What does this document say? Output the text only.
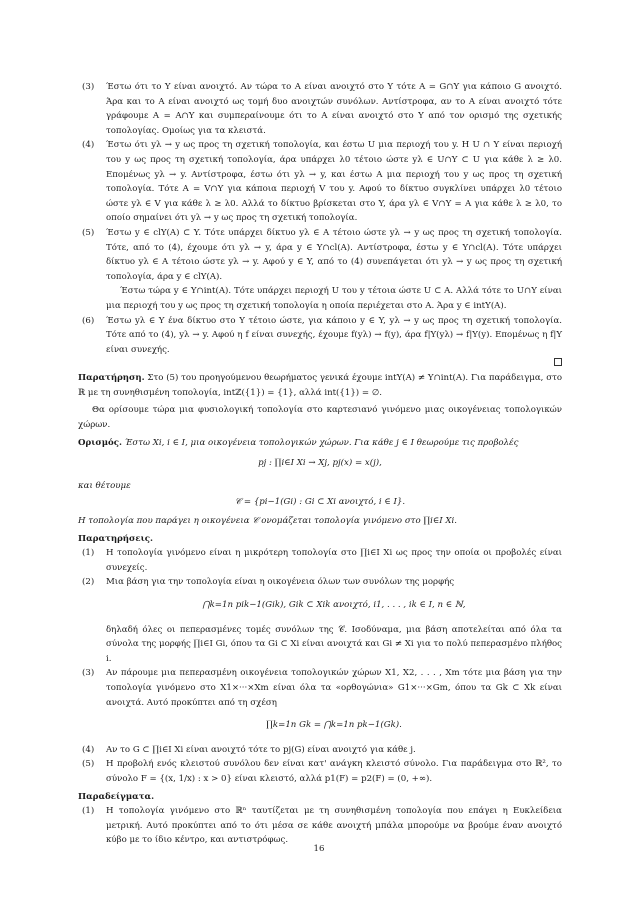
(3)	Έστω ότι το Y είναι ανοιχτό. Αν τώρα το A είναι ανοιχτό στο Y τότε A = G∩Y για κάποιο G ανοιχτό. Άρα και το A είναι ανοιχτό ως τομή δυο ανοιχτών συνόλων. Αντίστροφα, αν το A είναι ανοιχτό τότε γράφουμε A = A∩Y και συμπεραίνουμε ότι το A είναι ανοιχτό στο Y από τον ορισμό της σχετικής τοπολογίας. Ομοίως για τα κλειστά.
(4)	Έστω ότι yλ → y ως προς τη σχετική τοπολογία, και έστω U μια περιοχή του y. Η U ∩ Y είναι περιοχή του y ως προς τη σχετική τοπολογία, άρα υπάρχει λ0 τέτοιο ώστε yλ ∈ U∩Y ⊂ U για κάθε λ ≥ λ0. Επομένως yλ → y. Αντίστροφα, έστω ότι yλ → y, και έστω A μια περιοχή του y ως προς τη σχετική τοπολογία. Τότε A = V∩Y για κάποια περιοχή V του y. Αφού το δίκτυο συγκλίνει υπάρχει λ0 τέτοιο ώστε yλ ∈ V για κάθε λ ≥ λ0. Αλλά το δίκτυο βρίσκεται στο Y, άρα yλ ∈ V∩Y = A για κάθε λ ≥ λ0, το οποίο σημαίνει ότι yλ → y ως προς τη σχετική τοπολογία.
(5)	Έστω y ∈ clY(A) ⊂ Y. Τότε υπάρχει δίκτυο yλ ∈ A τέτοιο ώστε yλ → y ως προς τη σχετική τοπολογία. Τότε, από το (4), έχουμε ότι yλ → y, άρα y ∈ Y∩cl(A). Αντίστροφα, έστω y ∈ Y∩cl(A). Τότε υπάρχει δίκτυο yλ ∈ A τέτοιο ώστε yλ → y. Αφού y ∈ Y, από το (4) συνεπάγεται ότι yλ → y ως προς τη σχετική τοπολογία, άρα y ∈ clY(A).
Έστω τώρα y ∈ Y∩int(A). Τότε υπάρχει περιοχή U του y τέτοια ώστε U ⊂ A. Αλλά τότε το U∩Y είναι μια περιοχή του y ως προς τη σχετική τοπολογία η οποία περιέχεται στο A. Άρα y ∈ intY(A).
(6)	Έστω yλ ∈ Y ένα δίκτυο στο Y τέτοιο ώστε, για κάποιο y ∈ Y, yλ → y ως προς τη σχετική τοπολογία. Τότε από το (4), yλ → y. Αφού η f είναι συνεχής, έχουμε f(yλ) → f(y), άρα f|Y(yλ) → f|Y(y). Επομένως η f|Y είναι συνεχής.
Παρατήρηση. Στο (5) του προηγούμενου θεωρήματος γενικά έχουμε intY(A) ≠ Y∩int(A). Για παράδειγμα, στο ℝ με τη συνηθισμένη τοπολογία, intℤ({1}) = {1}, αλλά int({1}) = ∅.
Θα ορίσουμε τώρα μια φυσιολογική τοπολογία στο καρτεσιανό γινόμενο μιας οικογένειας τοπολογικών χώρων.
Ορισμός. Έστω Xi, i ∈ I, μια οικογένεια τοπολογικών χώρων. Για κάθε j ∈ I θεωρούμε τις προβολές
pj : ∏i∈I Xi → Xj, pj(x) = x(j),
και θέτουμε
𝒞 = {pi−1(Gi) : Gi ⊂ Xi ανοιχτό, i ∈ I}.
Η τοπολογία που παράγει η οικογένεια 𝒞 ονομάζεται τοπολογία γινόμενο στο ∏i∈I Xi.
Παρατηρήσεις.
(1)	Η τοπολογία γινόμενο είναι η μικρότερη τοπολογία στο ∏i∈I Xi ως προς την οποία οι προβολές είναι συνεχείς.
(2)	Μια βάση για την τοπολογία είναι η οικογένεια όλων των συνόλων της μορφής
⋂k=1n pik−1(Gik), Gik ⊂ Xik ανοιχτό, i1, . . . , ik ∈ I, n ∈ ℕ,
δηλαδή όλες οι πεπερασμένες τομές συνόλων της 𝒞. Ισοδύναμα, μια βάση αποτελείται από όλα τα σύνολα της μορφής ∏i∈I Gi, όπου τα Gi ⊂ Xi είναι ανοιχτά και Gi ≠ Xi για το πολύ πεπερασμένο πλήθος i.
(3)	Αν πάρουμε μια πεπερασμένη οικογένεια τοπολογικών χώρων X1, X2, . . . , Xm τότε μια βάση για την τοπολογία γινόμενο στο X1×···×Xm είναι όλα τα «ορθογώνια» G1×···×Gm, όπου τα Gk ⊂ Xk είναι ανοιχτά. Αυτό προκύπτει από τη σχέση
∏k=1n Gk = ⋂k=1n pk−1(Gk).
(4)	Αν το G ⊂ ∏i∈I Xi είναι ανοιχτό τότε το pj(G) είναι ανοιχτό για κάθε j.
(5)	Η προβολή ενός κλειστού συνόλου δεν είναι κατ' ανάγκη κλειστό σύνολο. Για παράδειγμα στο ℝ², το σύνολο F = {(x, 1/x) : x > 0} είναι κλειστό, αλλά p1(F) = p2(F) = (0, +∞).
Παραδείγματα.
(1)	Η τοπολογία γινόμενο στο ℝⁿ ταυτίζεται με τη συνηθισμένη τοπολογία που επάγει η Ευκλείδεια μετρική. Αυτό προκύπτει από το ότι μέσα σε κάθε ανοιχτή μπάλα μπορούμε να βρούμε έναν ανοιχτό κύβο με το ίδιο κέντρο, και αντιστρόφως.
16
